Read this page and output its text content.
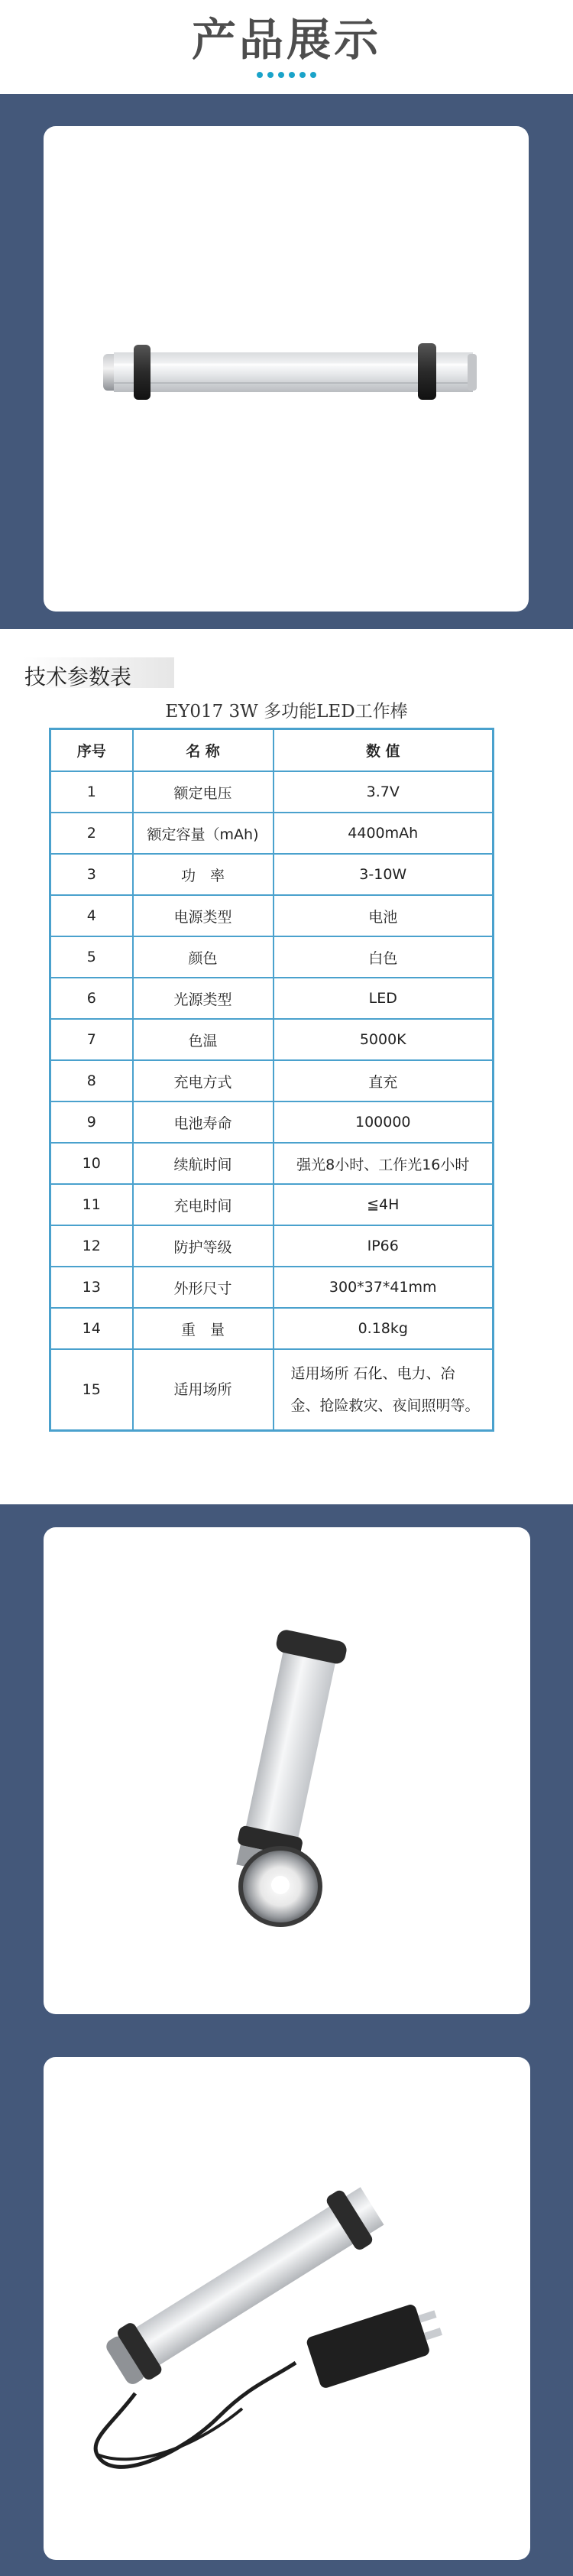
产品展示
技术参数表
EY017 3W 多功能LED工作棒
序号	名 称	数 值
1	额定电压	3.7V
2	额定容量（mAh)	4400mAh
3	功　率	3-10W
4	电源类型	电池
5	颜色	白色
6	光源类型	LED
7	色温	5000K
8	充电方式	直充
9	电池寿命	100000
10	续航时间	强光8小时、工作光16小时
11	充电时间	≦4H
12	防护等级	IP66
13	外形尺寸	300*37*41mm
14	重　量	0.18kg
15	适用场所	适用场所 石化、电力、冶
金、抢险救灾、夜间照明等。
